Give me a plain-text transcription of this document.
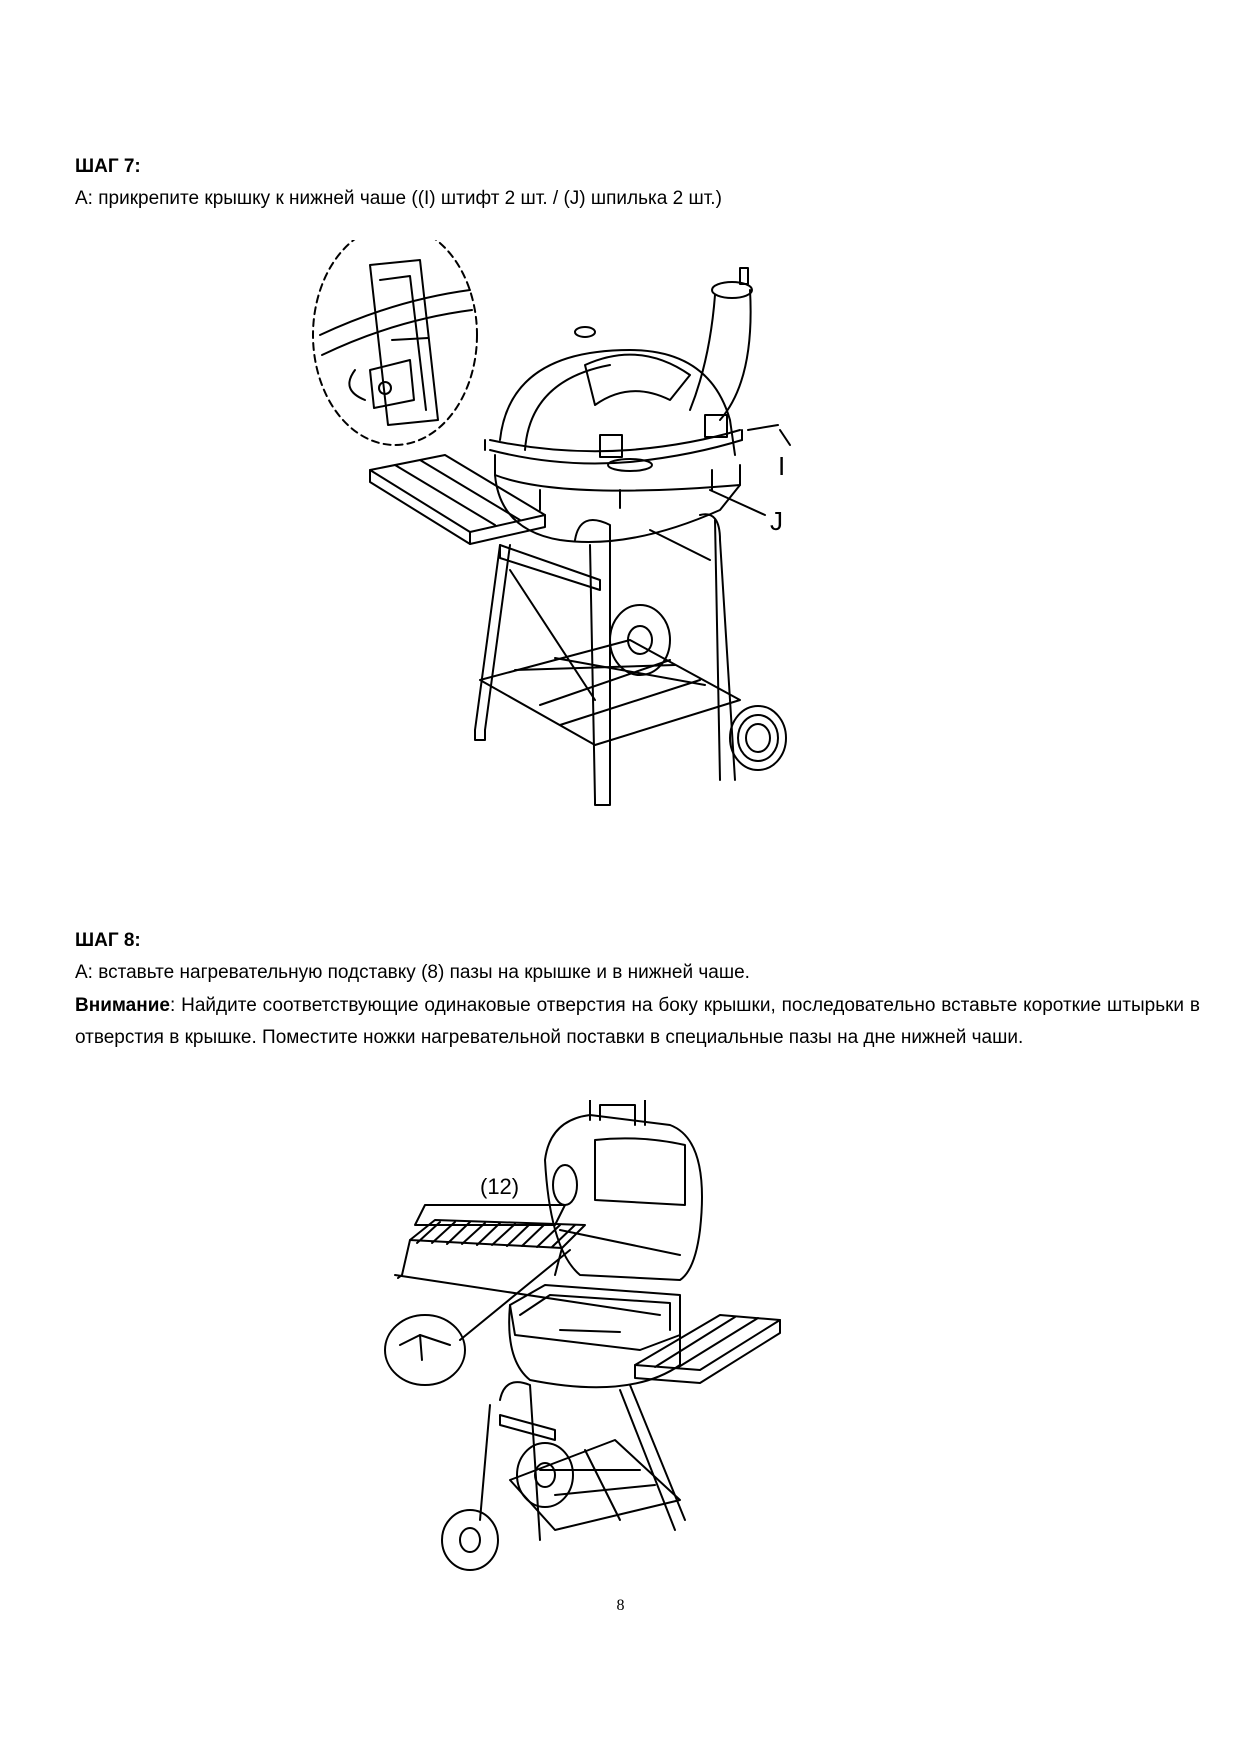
ШАГ 7:
A: прикрепите крышку к нижней чаше ((I) штифт 2 шт. / (J) шпилька 2 шт.)
I
J
ШАГ 8:
A: вставьте нагревательную подставку (8) пазы на крышке и в нижней чаше.
Внимание: Найдите соответствующие одинаковые отверстия на боку крышки, последовательно вставьте короткие штырьки в отверстия в крышке. Поместите ножки нагревательной поставки в специальные пазы на дне нижней чаши.
(12)
8
